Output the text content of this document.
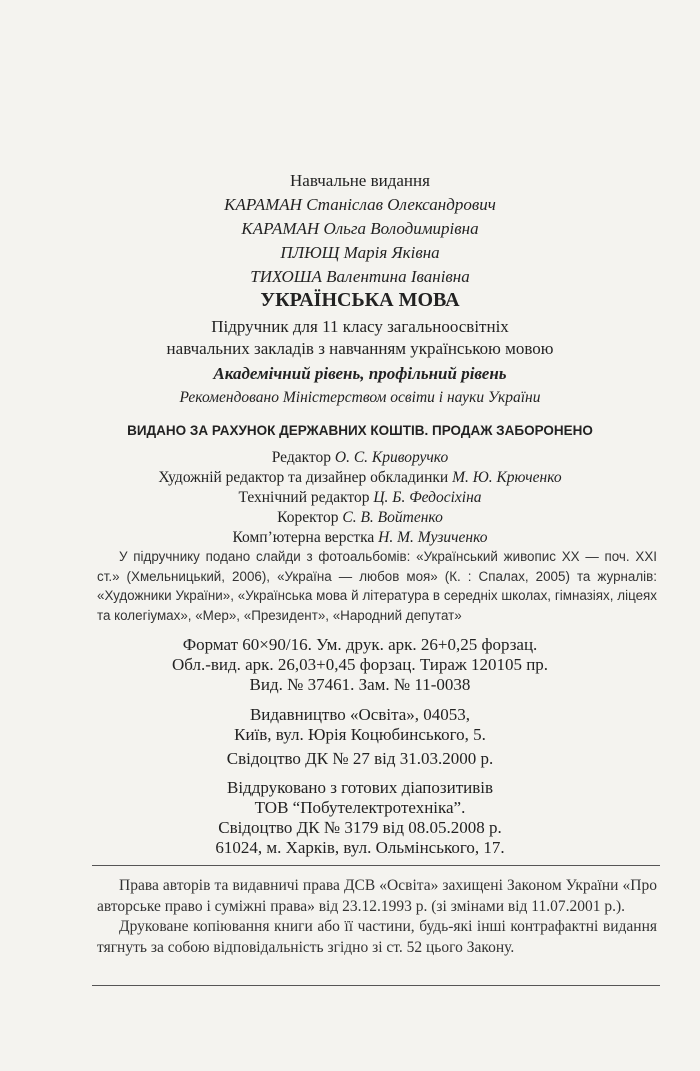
Навчальне видання
КАРАМАН Станіслав Олександрович
КАРАМАН Ольга Володимирівна
ПЛЮЩ Марія Яківна
ТИХОША Валентина Іванівна
УКРАЇНСЬКА МОВА
Підручник для 11 класу загальноосвітніх
навчальних закладів з навчанням українською мовою
Академічний рівень, профільний рівень
Рекомендовано Міністерством освіти і науки України
ВИДАНО ЗА РАХУНОК ДЕРЖАВНИХ КОШТІВ. ПРОДАЖ ЗАБОРОНЕНО
Редактор О. С. Криворучко
Художній редактор та дизайнер обкладинки М. Ю. Крюченко
Технічний редактор Ц. Б. Федосіхіна
Коректор С. В. Войтенко
Комп’ютерна верстка Н. М. Музиченко
У підручнику подано слайди з фотоальбомів: «Український живопис ХХ — поч. XXI ст.» (Хмельницький, 2006), «Україна — любов моя» (К. : Спалах, 2005) та журналів: «Художники України», «Українська мова й література в середніх школах, гімназіях, ліцеях та колегіумах», «Мер», «Президент», «Народний депутат»
Формат 60×90/16. Ум. друк. арк. 26+0,25 форзац.
Обл.-вид. арк. 26,03+0,45 форзац. Тираж 120105 пр.
Вид. № 37461. Зам. № 11-0038
Видавництво «Освіта», 04053,
Київ, вул. Юрія Коцюбинського, 5.
Свідоцтво ДК № 27 від 31.03.2000 р.
Віддруковано з готових діапозитивів
ТОВ “Побутелектротехніка”.
Свідоцтво ДК № 3179 від 08.05.2008 р.
61024, м. Харків, вул. Ольмінського, 17.

Права авторів та видавничі права ДСВ «Освіта» захищені Законом України «Про авторське право і суміжні права» від 23.12.1993 р. (зі змінами від 11.07.2001 р.).

Друковане копіювання книги або її частини, будь-які інші контрафактні видання тягнуть за собою відповідальність згідно зі ст. 52 цього Закону.
